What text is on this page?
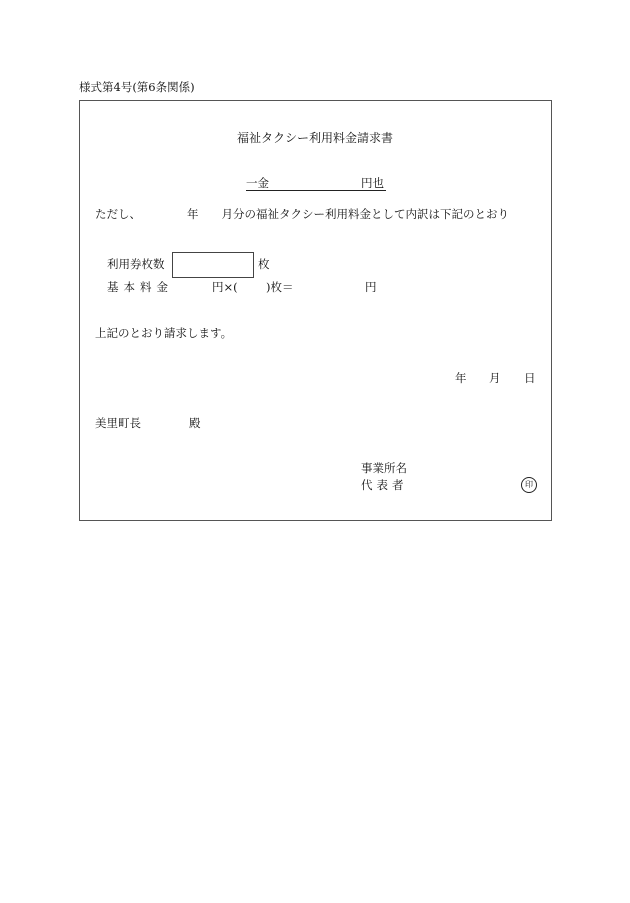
様式第4号(第6条関係)
福祉タクシー利用料金請求書
一金	円也
ただし、	年 月分の福祉タクシー利用料金として内訳は下記のとおり
利用券枚数	枚
基本料金	円×( )枚＝	円
上記のとおり請求します。
年 月 日
美里町長	殿
事業所名
代表者	印
